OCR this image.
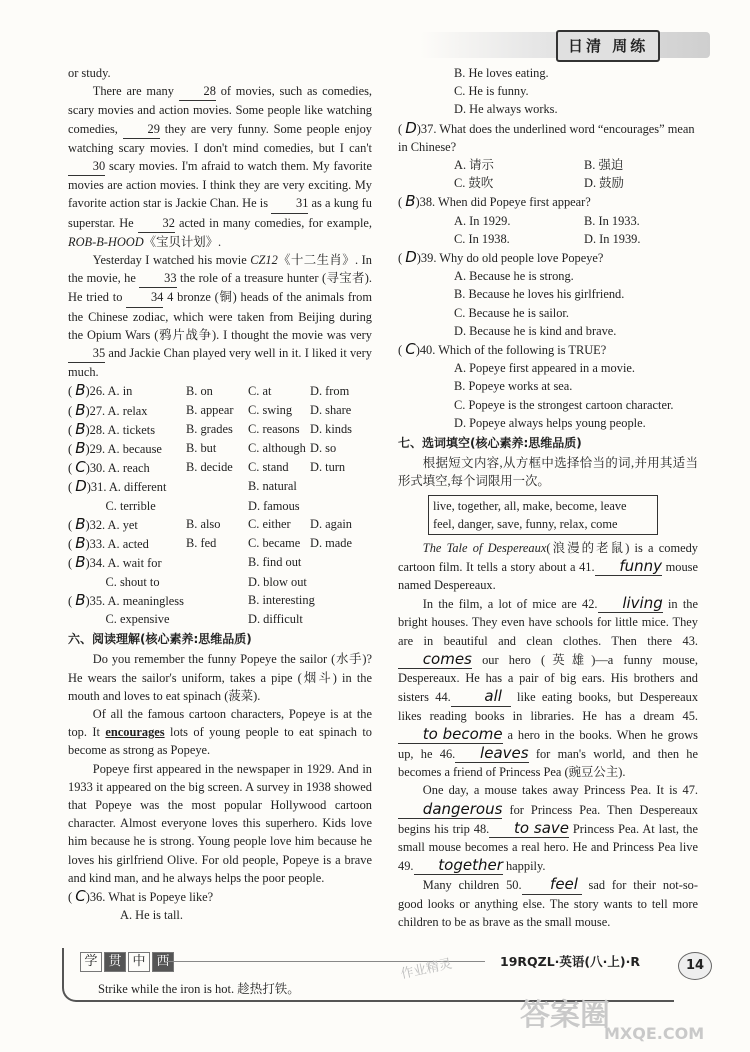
日清 周练

or study.

There are many 28 of movies, such as comedies, scary movies and action movies. Some people like watching comedies, 29 they are very funny. Some people enjoy watching scary movies. I don't mind comedies, but I can't 30 scary movies. I'm afraid to watch them. My favorite movies are action movies. I think they are very exciting. My favorite action star is Jackie Chan. He is 31 as a kung fu superstar. He 32 acted in many comedies, for example, ROB-B-HOOD《宝贝计划》.

Yesterday I watched his movie CZ12《十二生肖》. In the movie, he 33 the role of a treasure hunter (寻宝者). He tried to 34 4 bronze (铜) heads of the animals from the Chinese zodiac, which were taken from Beijing during the Opium Wars (鸦片战争). I thought the movie was very 35 and Jackie Chan played very well in it. I liked it very much.

( B)26. A. in	B. on	C. at	D. from
( B)27. A. relax	B. appear	C. swing	D. share
( B)28. A. tickets	B. grades	C. reasons D. kinds
( B)29. A. because	B. but	C. although D. so
( C)30. A. reach	B. decide	C. stand	D. turn
( D)31. A. different	B. natural
C. terrible	D. famous
( B)32. A. yet	B. also	C. either	D. again
( B)33. A. acted	B. fed	C. became D. made
( B)34. A. wait for	B. find out
C. shout to	D. blow out
( B)35. A. meaningless	B. interesting
C. expensive	D. difficult
六、阅读理解(核心素养:思维品质)

Do you remember the funny Popeye the sailor (水手)? He wears the sailor's uniform, takes a pipe (烟斗) in the mouth and loves to eat spinach (菠菜).

Of all the famous cartoon characters, Popeye is at the top. It encourages lots of young people to eat spinach to become as strong as Popeye.

Popeye first appeared in the newspaper in 1929. And in 1933 it appeared on the big screen. A survey in 1938 showed that Popeye was the most popular Hollywood cartoon character. Almost everyone loves this superhero. Kids love him because he is strong. Young people love him because he loves his girlfriend Olive. For old people, Popeye is a brave and kind man, and he always helps the poor people.

( C)36. What is Popeye like?
A. He is tall.
B. He loves eating.
C. He is funny.
D. He always works.
( D)37. What does the underlined word “encourages” mean in Chinese?
A. 请示	B. 强迫
C. 鼓吹	D. 鼓励
( B)38. When did Popeye first appear?
A. In 1929.	B. In 1933.
C. In 1938.	D. In 1939.
( D)39. Why do old people love Popeye?
A. Because he is strong.
B. Because he loves his girlfriend.
C. Because he is sailor.
D. Because he is kind and brave.
( C)40. Which of the following is TRUE?
A. Popeye first appeared in a movie.
B. Popeye works at sea.
C. Popeye is the strongest cartoon character.
D. Popeye always helps young people.
七、选词填空(核心素养:思维品质)

根据短文内容,从方框中选择恰当的词,并用其适当形式填空,每个词限用一次。

live, together, all, make, become, leave
feel, danger, save, funny, relax, come

The Tale of Despereaux(浪漫的老鼠) is a comedy cartoon film. It tells a story about a 41. funny mouse named Despereaux.

In the film, a lot of mice are 42. living in the bright houses. They even have schools for little mice. They are in beautiful and clean clothes. Then there 43.comes our hero (英雄)—a funny mouse, Despereaux. He has a pair of big ears. His brothers and sisters 44. all like eating books, but Despereaux likes reading books in libraries. He has a dream 45.to become a hero in the books. When he grows up, he 46. leaves for man's world, and then he becomes a friend of Princess Pea (豌豆公主).

One day, a mouse takes away Princess Pea. It is 47.dangerous for Princess Pea. Then Despereaux begins his trip 48. to save Princess Pea. At last, the small mouse becomes a real hero. He and Princess Pea live 49. together happily.

Many children 50. feel sad for their not-so-good looks or anything else. The story wants to tell more children to be as brave as the small mouse.

学 贯 中 西	19RQZL·英语(八·上)·R	14
Strike while the iron is hot. 趁热打铁。
作业精灵
答案圈
MXQE.COM
